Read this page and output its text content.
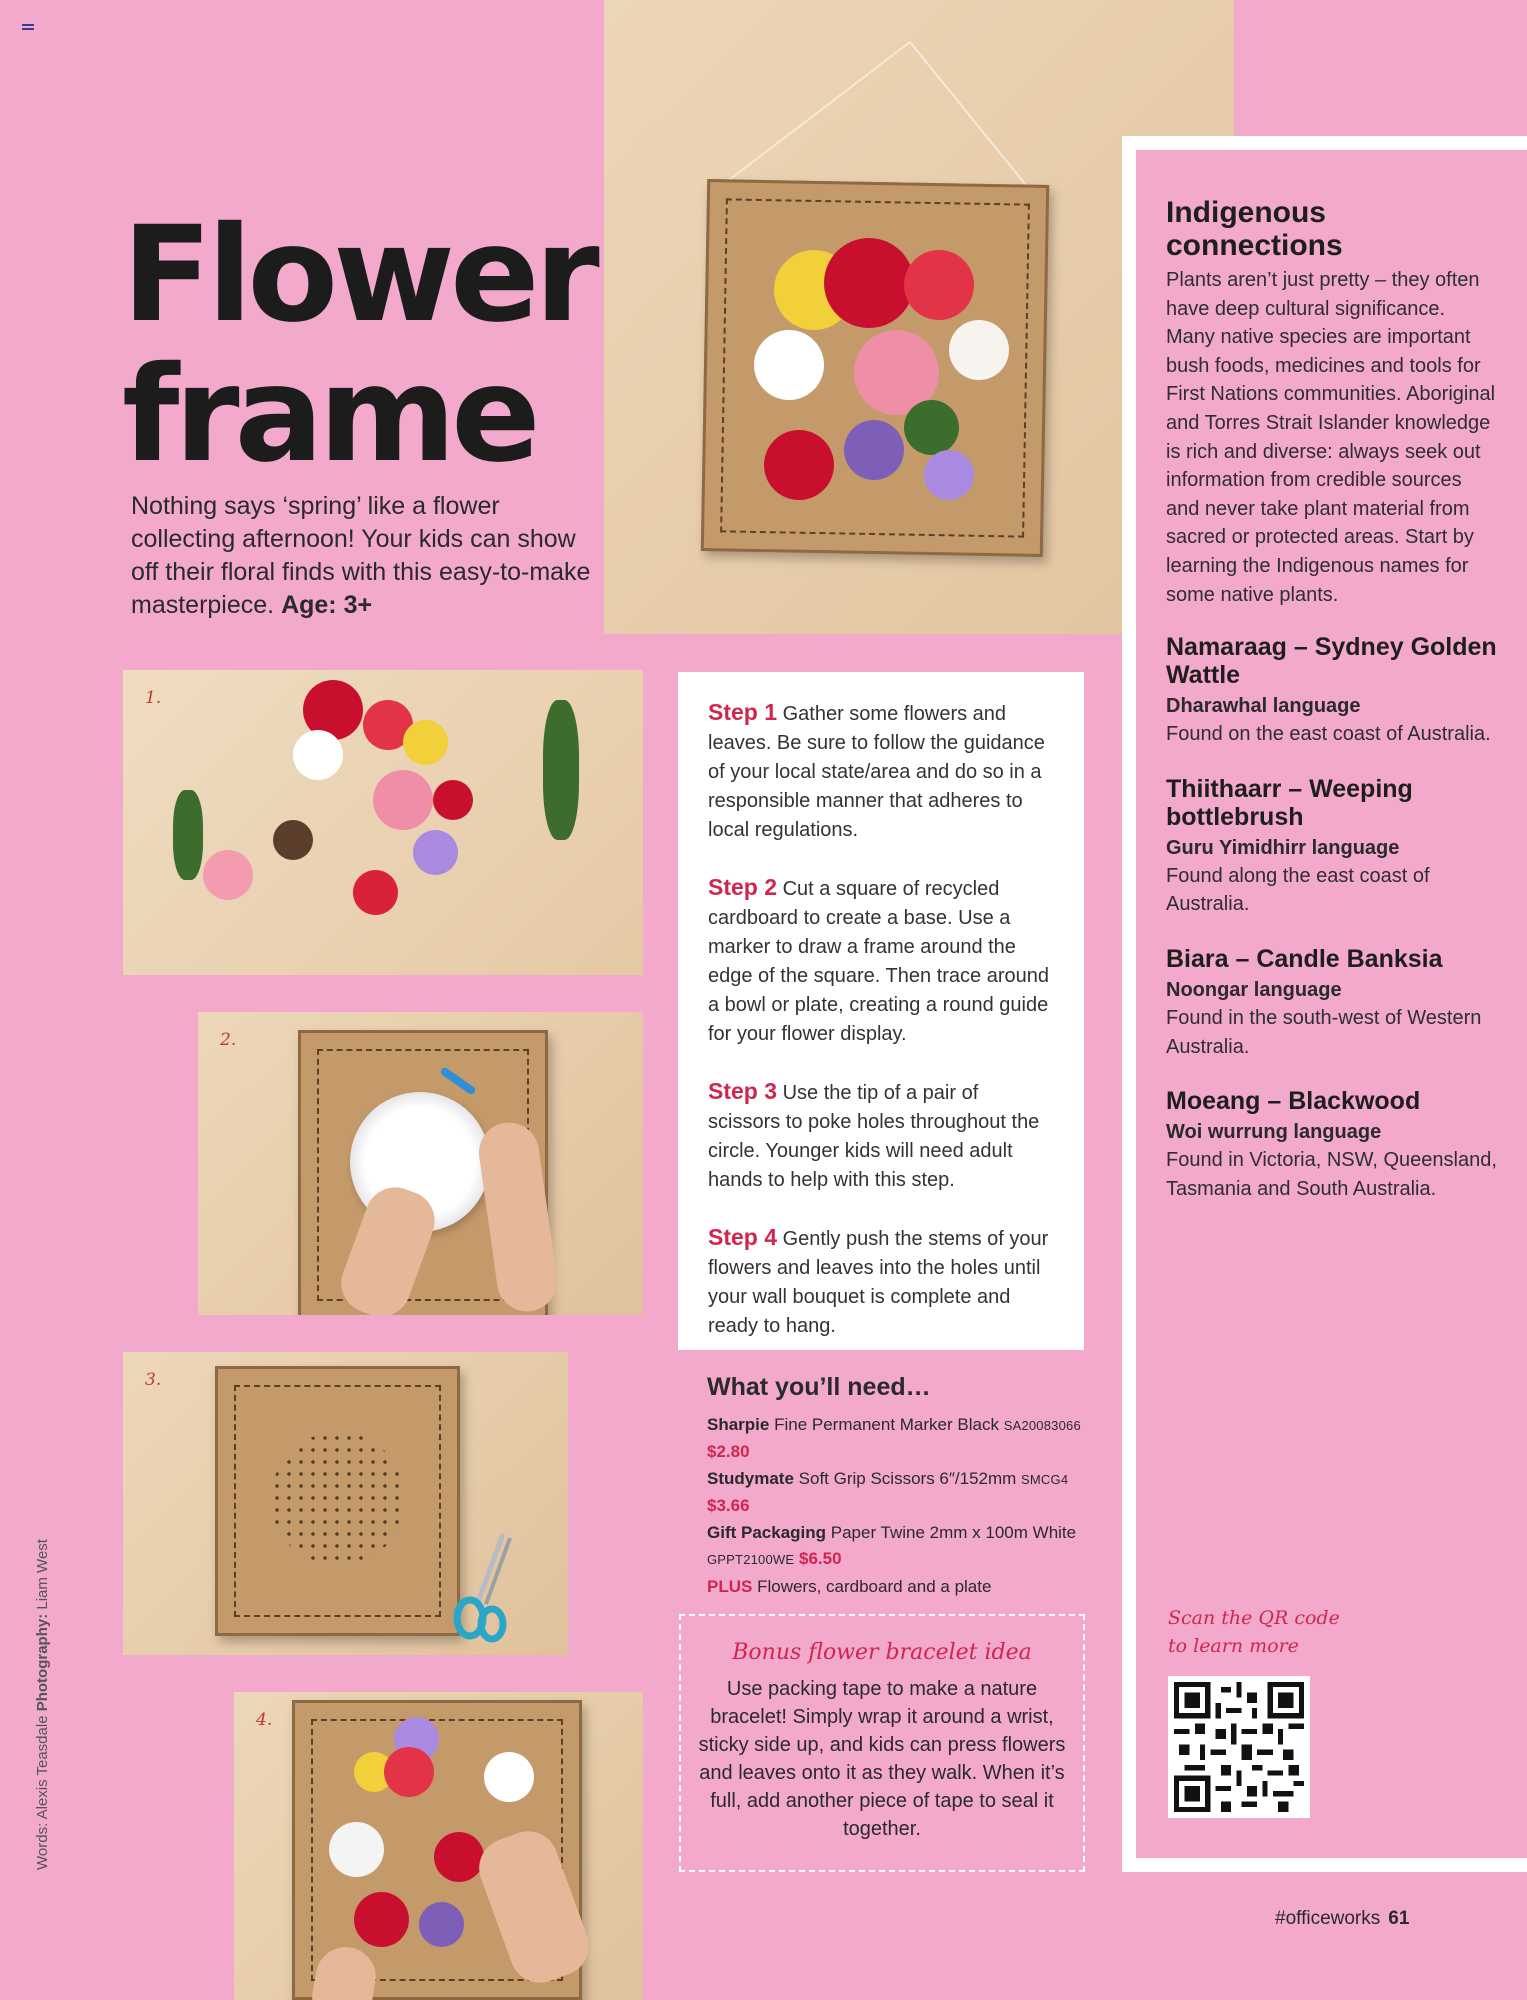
Flower
frame

Nothing says ‘spring’ like a flower collecting afternoon! Your kids can show off their floral finds with this easy-to-make masterpiece. Age: 3+

1.
2.
3.
4.

Step 1 Gather some flowers and leaves. Be sure to follow the guidance of your local state/area and do so in a responsible manner that adheres to local regulations.

Step 2 Cut a square of recycled cardboard to create a base. Use a marker to draw a frame around the edge of the square. Then trace around a bowl or plate, creating a round guide for your flower display.

Step 3 Use the tip of a pair of scissors to poke holes throughout the circle. Younger kids will need adult hands to help with this step.

Step 4 Gently push the stems of your flowers and leaves into the holes until your wall bouquet is complete and ready to hang.

What you’ll need…
Sharpie Fine Permanent Marker Black SA20083066 $2.80
Studymate Soft Grip Scissors 6″/152mm SMCG4 $3.66
Gift Packaging Paper Twine 2mm x 100m White GPPT2100WE $6.50
PLUS Flowers, cardboard and a plate
Bonus flower bracelet idea
Use packing tape to make a nature bracelet! Simply wrap it around a wrist, sticky side up, and kids can press flowers and leaves onto it as they walk. When it’s full, add another piece of tape to seal it together.
Indigenous connections

Plants aren’t just pretty – they often have deep cultural significance. Many native species are important bush foods, medicines and tools for First Nations communities. Aboriginal and Torres Strait Islander knowledge is rich and diverse: always seek out information from credible sources and never take plant material from sacred or protected areas. Start by learning the Indigenous names for some native plants.

Namaraag – Sydney Golden Wattle
Dharawhal language
Found on the east coast of Australia.
Thiithaarr – Weeping bottlebrush
Guru Yimidhirr language
Found along the east coast of Australia.
Biara – Candle Banksia
Noongar language
Found in the south-west of Western Australia.
Moeang – Blackwood
Woi wurrung language
Found in Victoria, NSW, Queensland, Tasmania and South Australia.
Scan the QR code
to learn more
Words: Alexis Teasdale Photography: Liam West
#officeworks 61
